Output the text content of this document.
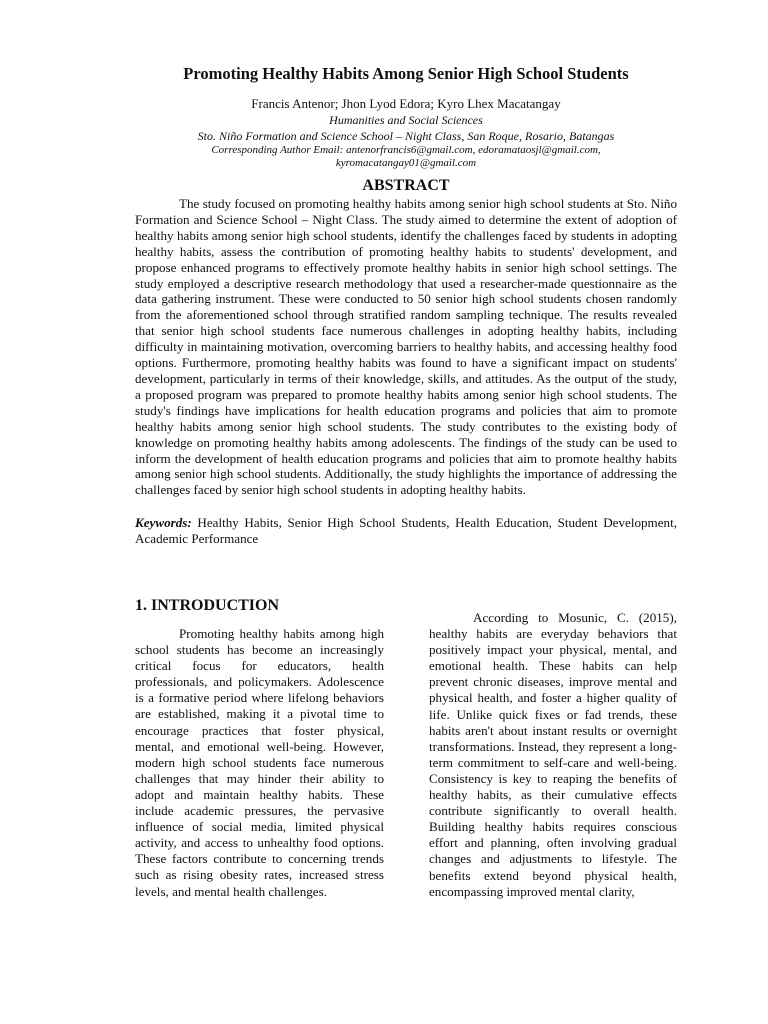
Promoting Healthy Habits Among Senior High School Students

Francis Antenor; Jhon Lyod Edora; Kyro Lhex Macatangay

Humanities and Social Sciences

Sto. Niño Formation and Science School – Night Class, San Roque, Rosario, Batangas

Corresponding Author Email: antenorfrancis6@gmail.com, edoramataosjl@gmail.com,

kyromacatangay01@gmail.com

ABSTRACT

The study focused on promoting healthy habits among senior high school students at Sto. Niño Formation and Science School – Night Class. The study aimed to determine the extent of adoption of healthy habits among senior high school students, identify the challenges faced by students in adopting healthy habits, assess the contribution of promoting healthy habits to students' development, and propose enhanced programs to effectively promote healthy habits in senior high school settings. The study employed a descriptive research methodology that used a researcher-made questionnaire as the data gathering instrument. These were conducted to 50 senior high school students chosen randomly from the aforementioned school through stratified random sampling technique. The results revealed that senior high school students face numerous challenges in adopting healthy habits, including difficulty in maintaining motivation, overcoming barriers to healthy habits, and accessing healthy food options. Furthermore, promoting healthy habits was found to have a significant impact on students' development, particularly in terms of their knowledge, skills, and attitudes. As the output of the study, a proposed program was prepared to promote healthy habits among senior high school students. The study's findings have implications for health education programs and policies that aim to promote healthy habits among senior high school students. The study contributes to the existing body of knowledge on promoting healthy habits among adolescents. The findings of the study can be used to inform the development of health education programs and policies that aim to promote healthy habits among senior high school students. Additionally, the study highlights the importance of addressing the challenges faced by senior high school students in adopting healthy habits.

Keywords: Healthy Habits, Senior High School Students, Health Education, Student Development, Academic Performance

1. INTRODUCTION

Promoting healthy habits among high school students has become an increasingly critical focus for educators, health professionals, and policymakers. Adolescence is a formative period where lifelong behaviors are established, making it a pivotal time to encourage practices that foster physical, mental, and emotional well-being. However, modern high school students face numerous challenges that may hinder their ability to adopt and maintain healthy habits. These include academic pressures, the pervasive influence of social media, limited physical activity, and access to unhealthy food options. These factors contribute to concerning trends such as rising obesity rates, increased stress levels, and mental health challenges.

According to Mosunic, C. (2015), healthy habits are everyday behaviors that positively impact your physical, mental, and emotional health. These habits can help prevent chronic diseases, improve mental and physical health, and foster a higher quality of life. Unlike quick fixes or fad trends, these habits aren't about instant results or overnight transformations. Instead, they represent a long-term commitment to self-care and well-being. Consistency is key to reaping the benefits of healthy habits, as their cumulative effects contribute significantly to overall health. Building healthy habits requires conscious effort and planning, often involving gradual changes and adjustments to lifestyle. The benefits extend beyond physical health, encompassing improved mental clarity,
